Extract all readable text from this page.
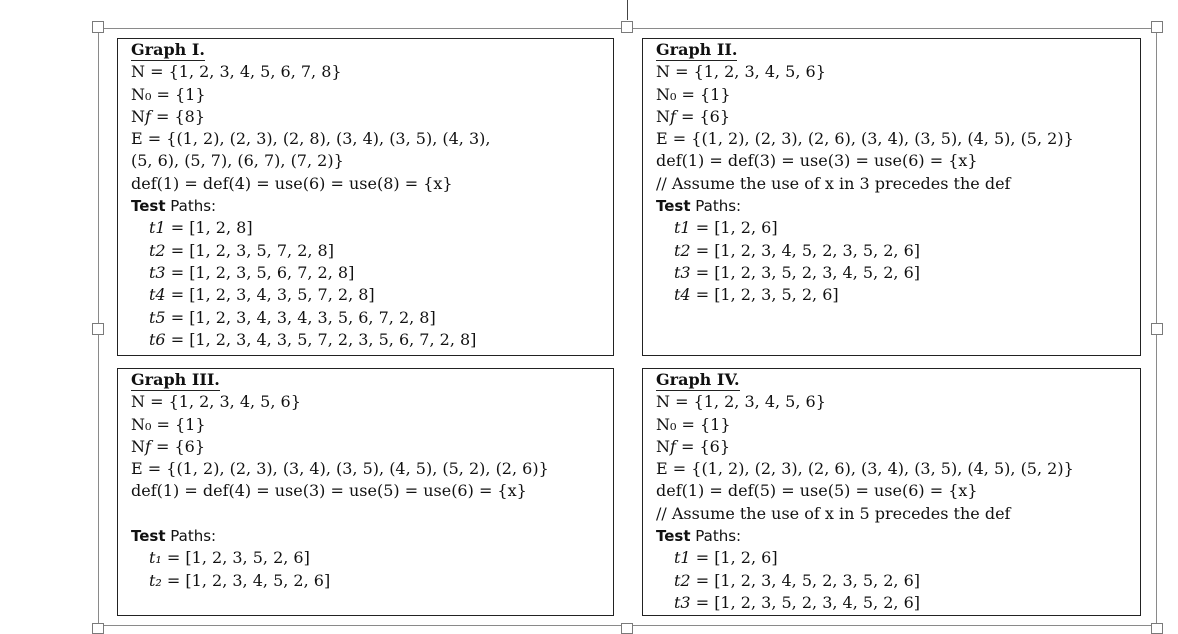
Graph I.
N = {1, 2, 3, 4, 5, 6, 7, 8}
N₀ = {1}
N𝑓 = {8}
E = {(1, 2), (2, 3), (2, 8), (3, 4), (3, 5), (4, 3),
(5, 6), (5, 7), (6, 7), (7, 2)}
def(1) = def(4) = use(6) = use(8) = {x}
Test Paths:
t1 = [1, 2, 8]
t2 = [1, 2, 3, 5, 7, 2, 8]
t3 = [1, 2, 3, 5, 6, 7, 2, 8]
t4 = [1, 2, 3, 4, 3, 5, 7, 2, 8]
t5 = [1, 2, 3, 4, 3, 4, 3, 5, 6, 7, 2, 8]
t6 = [1, 2, 3, 4, 3, 5, 7, 2, 3, 5, 6, 7, 2, 8]
Graph II.
N = {1, 2, 3, 4, 5, 6}
N₀ = {1}
N𝑓 = {6}
E = {(1, 2), (2, 3), (2, 6), (3, 4), (3, 5), (4, 5), (5, 2)}
def(1) = def(3) = use(3) = use(6) = {x}
// Assume the use of x in 3 precedes the def
Test Paths:
t1 = [1, 2, 6]
t2 = [1, 2, 3, 4, 5, 2, 3, 5, 2, 6]
t3 = [1, 2, 3, 5, 2, 3, 4, 5, 2, 6]
t4 = [1, 2, 3, 5, 2, 6]
Graph III.
N = {1, 2, 3, 4, 5, 6}
N₀ = {1}
N𝑓 = {6}
E = {(1, 2), (2, 3), (3, 4), (3, 5), (4, 5), (5, 2), (2, 6)}
def(1) = def(4) = use(3) = use(5) = use(6) = {x}
Test Paths:
t₁ = [1, 2, 3, 5, 2, 6]
t₂ = [1, 2, 3, 4, 5, 2, 6]
Graph IV.
N = {1, 2, 3, 4, 5, 6}
N₀ = {1}
N𝑓 = {6}
E = {(1, 2), (2, 3), (2, 6), (3, 4), (3, 5), (4, 5), (5, 2)}
def(1) = def(5) = use(5) = use(6) = {x}
// Assume the use of x in 5 precedes the def
Test Paths:
t1 = [1, 2, 6]
t2 = [1, 2, 3, 4, 5, 2, 3, 5, 2, 6]
t3 = [1, 2, 3, 5, 2, 3, 4, 5, 2, 6]
